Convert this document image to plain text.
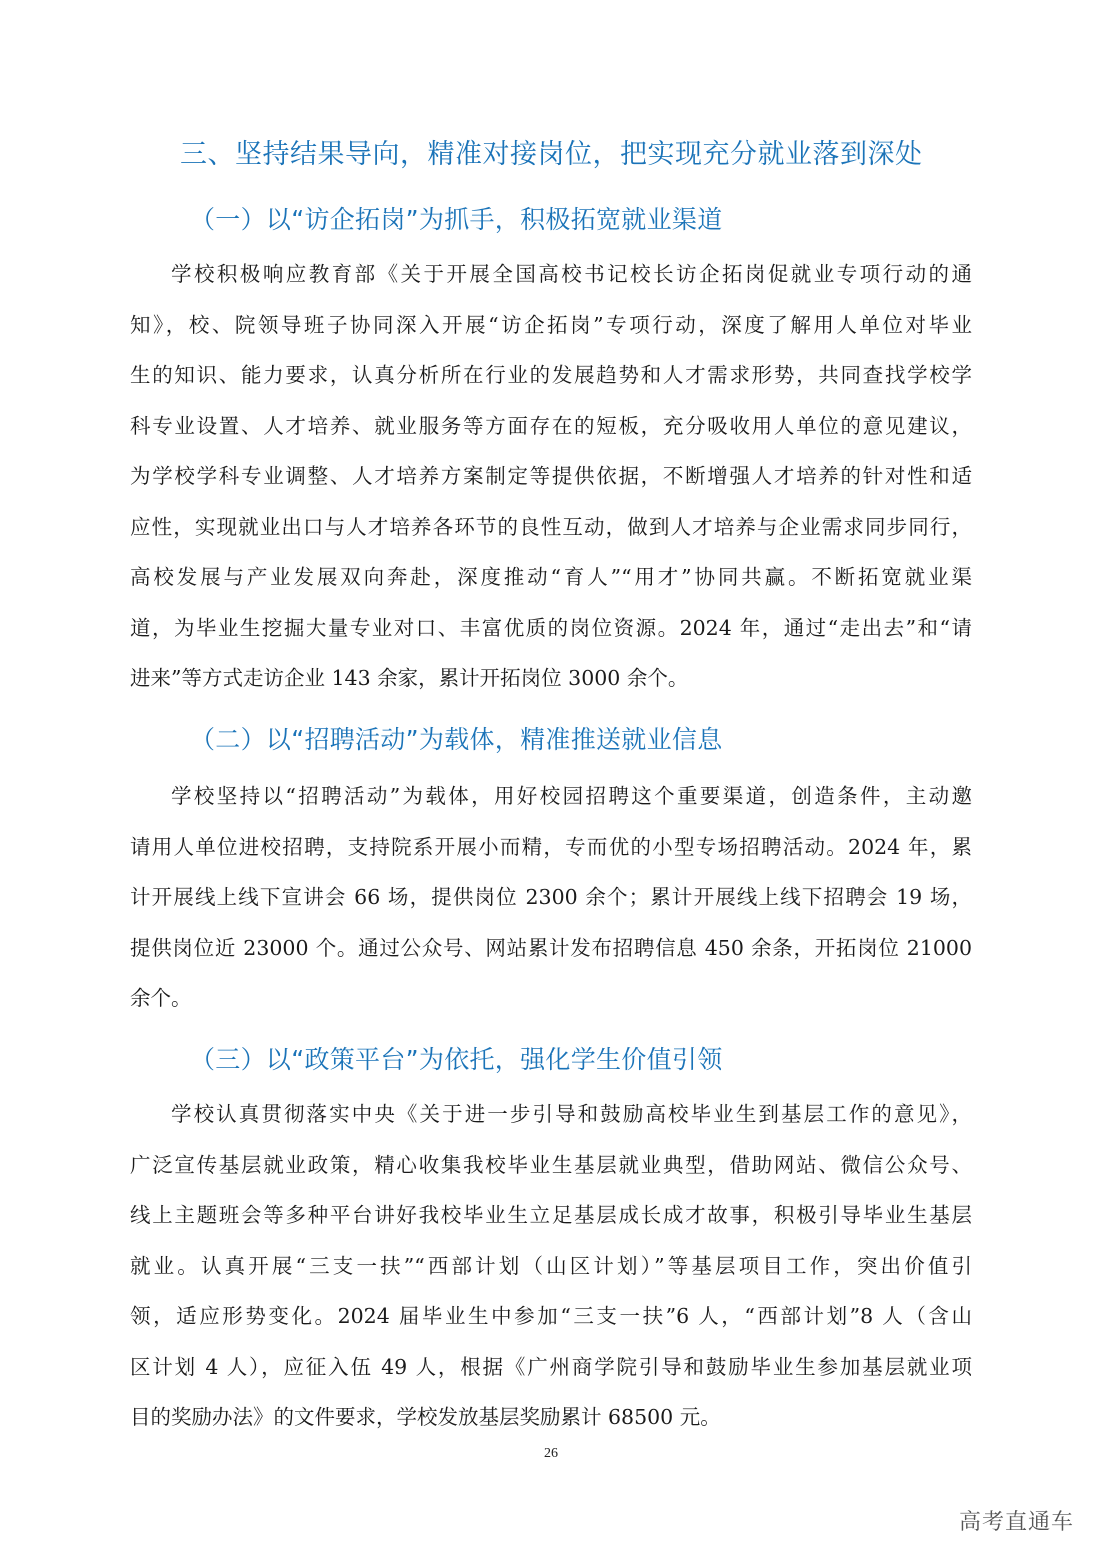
三、坚持结果导向，精准对接岗位，把实现充分就业落到深处
（一）以“访企拓岗”为抓手，积极拓宽就业渠道
学校积极响应教育部《关于开展全国高校书记校长访企拓岗促就业专项行动的通
知》，校、院领导班子协同深入开展“访企拓岗”专项行动，深度了解用人单位对毕业
生的知识、能力要求，认真分析所在行业的发展趋势和人才需求形势，共同查找学校学
科专业设置、人才培养、就业服务等方面存在的短板，充分吸收用人单位的意见建议，
为学校学科专业调整、人才培养方案制定等提供依据，不断增强人才培养的针对性和适
应性，实现就业出口与人才培养各环节的良性互动，做到人才培养与企业需求同步同行，
高校发展与产业发展双向奔赴，深度推动“育人”“用才”协同共赢。不断拓宽就业渠
道，为毕业生挖掘大量专业对口、丰富优质的岗位资源。2024 年，通过“走出去”和“请
进来”等方式走访企业 143 余家，累计开拓岗位 3000 余个。
（二）以“招聘活动”为载体，精准推送就业信息
学校坚持以“招聘活动”为载体，用好校园招聘这个重要渠道，创造条件，主动邀
请用人单位进校招聘，支持院系开展小而精，专而优的小型专场招聘活动。2024 年，累
计开展线上线下宣讲会 66 场，提供岗位 2300 余个；累计开展线上线下招聘会 19 场，
提供岗位近 23000 个。通过公众号、网站累计发布招聘信息 450 余条，开拓岗位 21000
余个。
（三）以“政策平台”为依托，强化学生价值引领
学校认真贯彻落实中央《关于进一步引导和鼓励高校毕业生到基层工作的意见》，
广泛宣传基层就业政策，精心收集我校毕业生基层就业典型，借助网站、微信公众号、
线上主题班会等多种平台讲好我校毕业生立足基层成长成才故事，积极引导毕业生基层
就业。认真开展“三支一扶”“西部计划（山区计划）”等基层项目工作，突出价值引
领，适应形势变化。2024 届毕业生中参加“三支一扶”6 人，“西部计划”8 人（含山
区计划 4 人），应征入伍 49 人，根据《广州商学院引导和鼓励毕业生参加基层就业项
目的奖励办法》的文件要求，学校发放基层奖励累计 68500 元。
26
高考直通车
